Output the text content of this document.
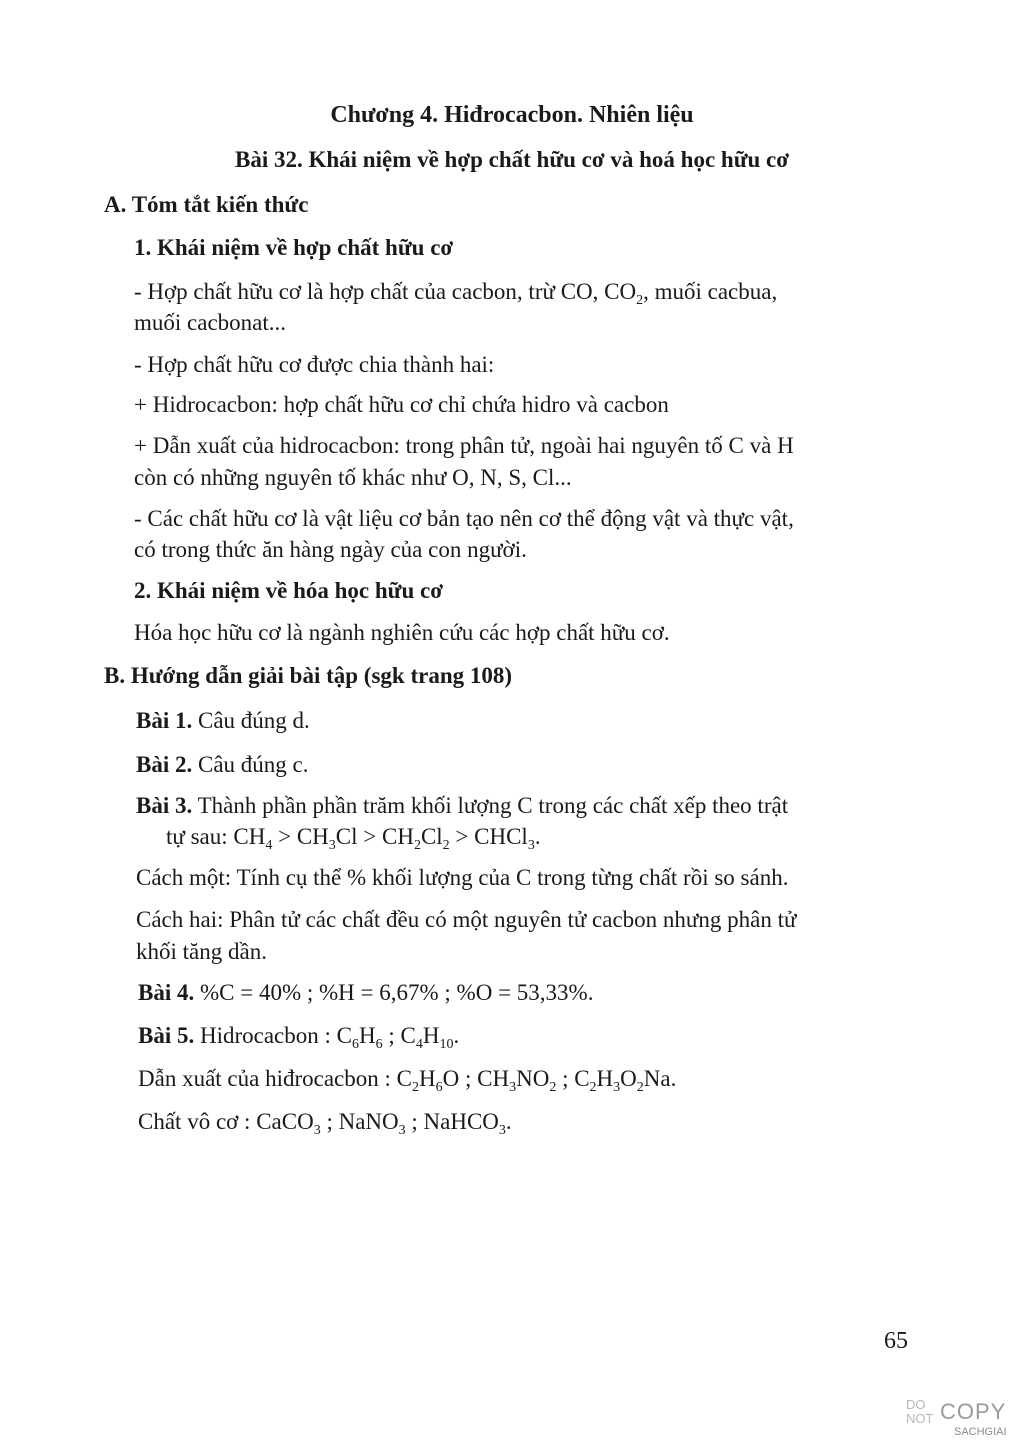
Chương 4. Hiđrocacbon. Nhiên liệu
Bài 32. Khái niệm về hợp chất hữu cơ và hoá học hữu cơ
A. Tóm tắt kiến thức
1. Khái niệm về hợp chất hữu cơ
- Hợp chất hữu cơ là hợp chất của cacbon, trừ CO, $CO_2$, muối cacbua,
muối cacbonat...
- Hợp chất hữu cơ được chia thành hai:
+ Hidrocacbon: hợp chất hữu cơ chỉ chứa hidro và cacbon
+ Dẫn xuất của hidrocacbon: trong phân tử, ngoài hai nguyên tố C và H
còn có những nguyên tố khác như O, N, S, Cl...
- Các chất hữu cơ là vật liệu cơ bản tạo nên cơ thể động vật và thực vật,
có trong thức ăn hàng ngày của con người.
2. Khái niệm về hóa học hữu cơ
Hóa học hữu cơ là ngành nghiên cứu các hợp chất hữu cơ.
B. Hướng dẫn giải bài tập (sgk trang 108)
Bài 1. Câu đúng d.
Bài 2. Câu đúng c.
Bài 3. Thành phần phần trăm khối lượng C trong các chất xếp theo trật
tự sau: $CH_4 > CH_3Cl > CH_2Cl_2$ > CHCl$_3$.
Cách một: Tính cụ thể % khối lượng của C trong từng chất rồi so sánh.
Cách hai: Phân tử các chất đều có một nguyên tử cacbon nhưng phân tử
khối tăng dần.
Bài 4. %C = 40% ; %H = 6,67% ; %O = 53,33%.
Bài 5. Hidrocacbon : $C_6H_6$ ; $C_4H_{10}$.
Dẫn xuất của hiđrocacbon : $C_2H_6O$ ; $CH_3NO_2$ ; $C_2H_3O_2Na$.
Chất vô cơ : CaCO$_3$ ; NaNO$_3$ ; NaHCO$_3$.
65
DO
NOT COPY
SACHGIAI
